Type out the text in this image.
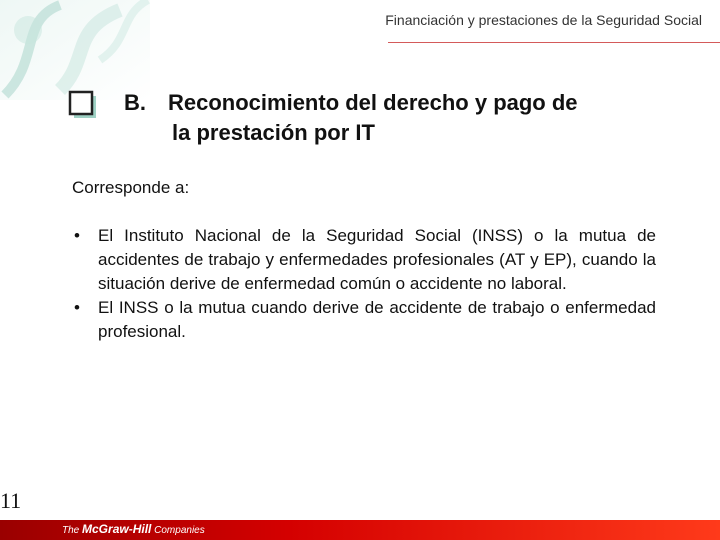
Financiación y prestaciones de la Seguridad Social
B. Reconocimiento del derecho y pago de
la prestación por IT
Corresponde a:
• El Instituto Nacional de la Seguridad Social (INSS) o la mutua de accidentes de trabajo y enfermedades profesionales (AT y EP), cuando la situación derive de enfermedad común o accidente no laboral.
• El INSS o la mutua cuando derive de accidente de trabajo o enfermedad profesional.
11
The McGraw-Hill Companies
